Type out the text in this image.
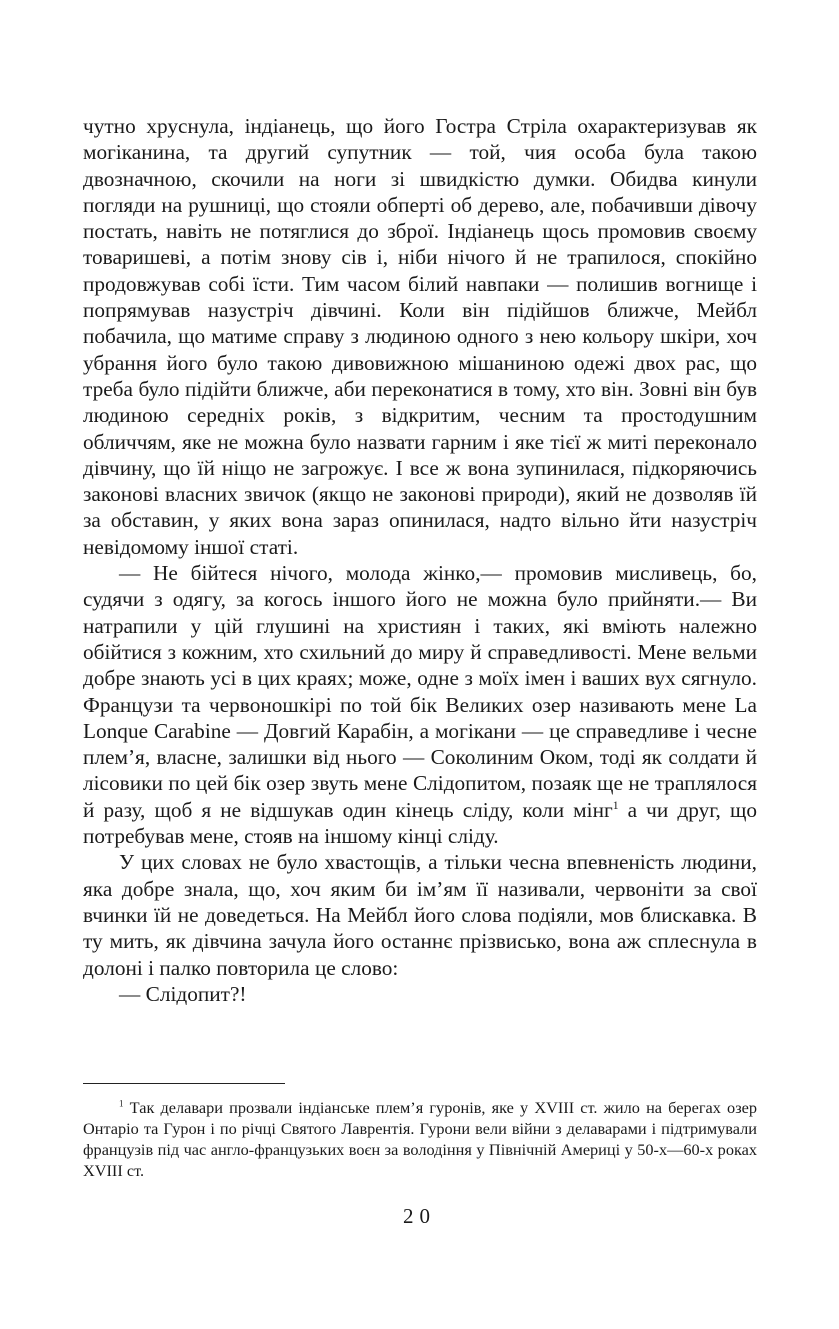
чутно хруснула, індіанець, що його Гостра Стріла охарактеризував як могіканина, та другий супутник — той, чия особа була такою двозначною, скочили на ноги зі швидкістю думки. Обидва кинули погляди на рушниці, що стояли обперті об дерево, але, побачивши дівочу постать, навіть не потяглися до зброї. Індіанець щось промовив своєму товаришеві, а потім знову сів і, ніби нічого й не трапилося, спокійно продовжував собі їсти. Тим часом білий навпаки — полишив вогнище і попрямував назустріч дівчині. Коли він підійшов ближче, Мейбл побачила, що матиме справу з людиною одного з нею кольору шкіри, хоч убрання його було такою дивовижною мішаниною одежі двох рас, що треба було підійти ближче, аби переконатися в тому, хто він. Зовні він був людиною середніх років, з відкритим, чесним та простодушним обличчям, яке не можна було назвати гарним і яке тієї ж миті переконало дівчину, що їй ніщо не загрожує. І все ж вона зупинилася, підкоряючись законові власних звичок (якщо не законові природи), який не дозволяв їй за обставин, у яких вона зараз опинилася, надто вільно йти назустріч невідомому іншої статі.

— Не бійтеся нічого, молода жінко,— промовив мисливець, бо, судячи з одягу, за когось іншого його не можна було прийняти.— Ви натрапили у цій глушині на християн і таких, які вміють належно обійтися з кожним, хто схильний до миру й справедливості. Мене вельми добре знають усі в цих краях; може, одне з моїх імен і ваших вух сягнуло. Французи та червоношкірі по той бік Великих озер називають мене La Lonque Carabine — Довгий Карабін, а могікани — це справедливе і чесне плем’я, власне, залишки від нього — Соколиним Оком, тоді як солдати й лісовики по цей бік озер звуть мене Слідопитом, позаяк ще не траплялося й разу, щоб я не відшукав один кінець сліду, коли мінг$^1$ а чи друг, що потребував мене, стояв на іншому кінці сліду.

У цих словах не було хвастощів, а тільки чесна впевненість людини, яка добре знала, що, хоч яким би ім’ям її називали, червоніти за свої вчинки їй не доведеться. На Мейбл його слова подіяли, мов блискавка. В ту мить, як дівчина зачула його останнє прізвисько, вона аж сплеснула в долоні і палко повторила це слово:

— Слідопит?!

$^1$ Так делавари прозвали індіанське плем’я гуронів, яке у XVIII ст. жило на берегах озер Онтаріо та Гурон і по річці Святого Лаврентія. Гурони вели війни з делаварами і підтримували французів під час англо-французьких воєн за володіння у Північній Америці у 50-х—60-х роках XVIII ст.

20
